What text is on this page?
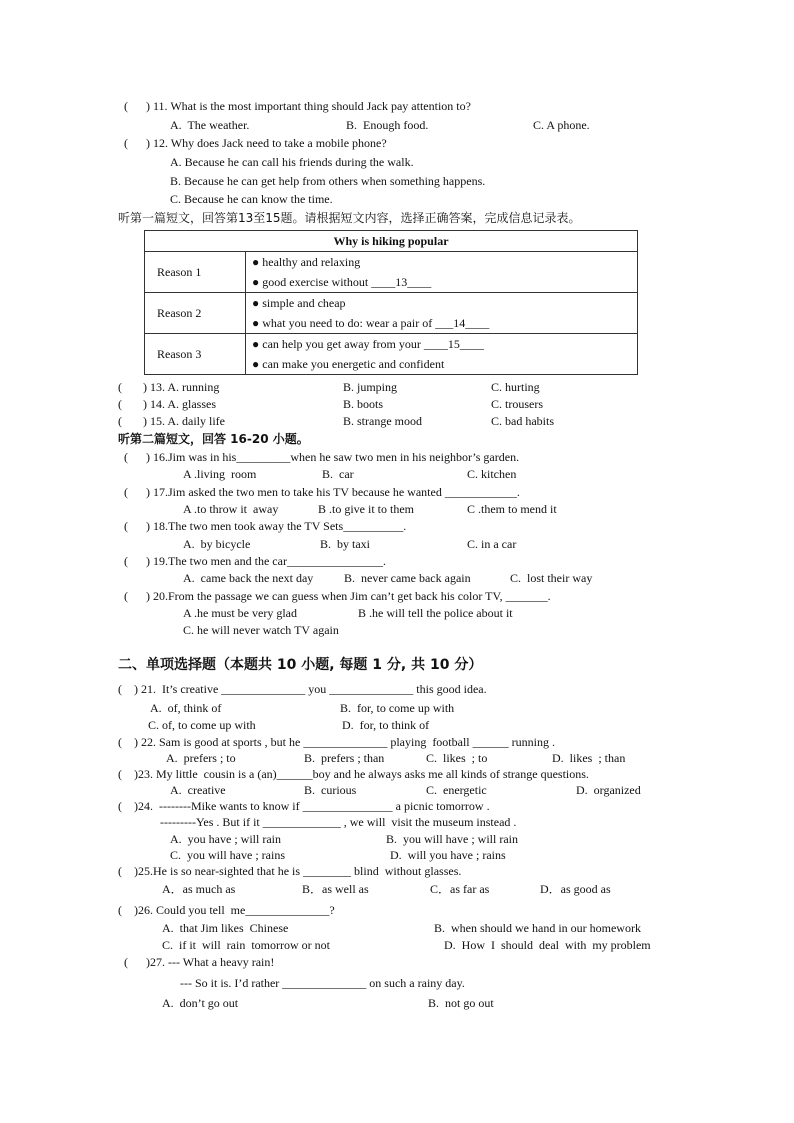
(      ) 11. What is the most important thing should Jack pay attention to?
A.  The weather.	B.  Enough food.	C. A phone.
(      ) 12. Why does Jack need to take a mobile phone?
A. Because he can call his friends during the walk.
B. Because he can get help from others when something happens.
C. Because he can know the time.
听第一篇短文，回答第13至15题。请根据短文内容，选择正确答案，完成信息记录表。
Why is hiking popular	
Reason 1	● healthy and relaxing
● good exercise without ____13____

Reason 2	● simple and cheap
● what you need to do: wear a pair of ___14____

Reason 3	● can help you get away from your ____15____
● can make you energetic and confident
(       ) 13. A. running	B. jumping	C. hurting
(       ) 14. A. glasses	B. boots	C. trousers
(       ) 15. A. daily life	B. strange mood	C. bad habits
听第二篇短文，回答 16-20 小题。
(      ) 16.Jim was in his_________when he saw two men in his neighbor’s garden.
A .living  room	B.  car	C. kitchen
(      ) 17.Jim asked the two men to take his TV because he wanted ____________.
A .to throw it  away	B .to give it to them	C .them to mend it
(      ) 18.The two men took away the TV Sets__________.
A.  by bicycle	B.  by taxi	C. in a car
(      ) 19.The two men and the car________________.
A.  came back the next day	B.  never came back again	C.  lost their way
(      ) 20.From the passage we can guess when Jim can’t get back his color TV, _______.
A .he must be very glad	B .he will tell the police about it
C. he will never watch TV again
二、单项选择题（本题共 10 小题, 每题 1 分, 共 10 分）
(    ) 21.  It’s creative ______________ you ______________ this good idea.
A.  of, think of	B.  for, to come up with
C. of, to come up with	D.  for, to think of
(    ) 22. Sam is good at sports , but he ______________ playing  football ______ running .
A.  prefers ; to	B.  prefers ; than	C.  likes  ; to	D.  likes  ; than
(    )23. My little  cousin is a (an)______boy and he always asks me all kinds of strange questions.
A.  creative	B.  curious	C.  energetic	D.  organized
(    )24.  --------Mike wants to know if _______________ a picnic tomorrow .
---------Yes . But if it _____________ , we will  visit the museum instead .
A.  you have ; will rain	B.  you will have ; will rain
C.  you will have ; rains	D.  will you have ; rains
(    )25.He is so near-sighted that he is ________ blind  without glasses.
A．as much as	B．as well as	C．as far as	D．as good as
(    )26. Could you tell  me______________?
A.  that Jim likes  Chinese	B.  when should we hand in our homework
C.  if it  will  rain  tomorrow or not	D.  How  I  should  deal  with  my problem
(      )27. --- What a heavy rain!
--- So it is. I’d rather ______________ on such a rainy day.
A.  don’t go out	B.  not go out
